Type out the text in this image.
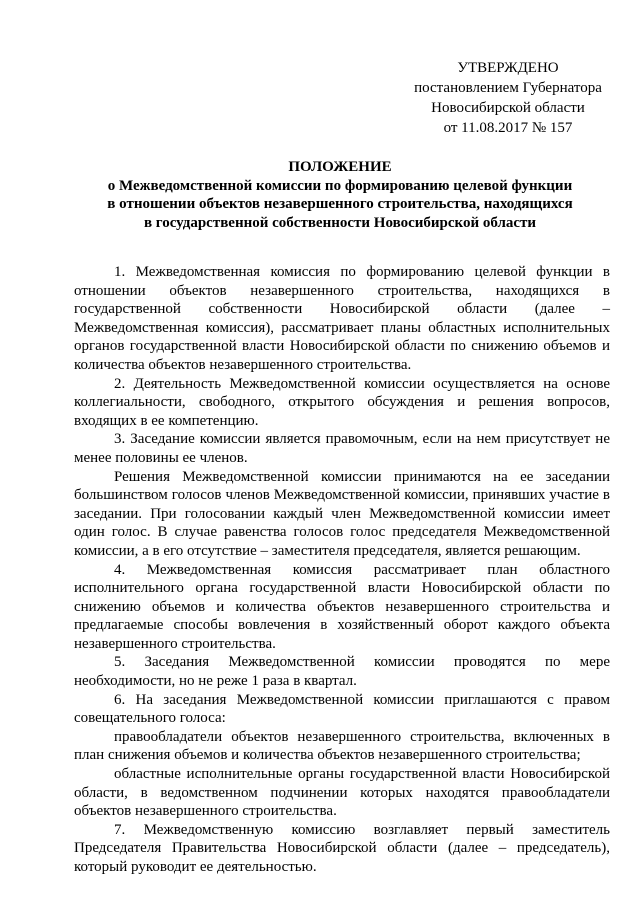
УТВЕРЖДЕНО
постановлением Губернатора
Новосибирской области
от 11.08.2017 № 157
ПОЛОЖЕНИЕ
о Межведомственной комиссии по формированию целевой функции
в отношении объектов незавершенного строительства, находящихся
в государственной собственности Новосибирской области

1. Межведомственная комиссия по формированию целевой функции в отношении объектов незавершенного строительства, находящихся в государственной собственности Новосибирской области (далее – Межведомственная комиссия), рассматривает планы областных исполнительных органов государственной власти Новосибирской области по снижению объемов и количества объектов незавершенного строительства.

2. Деятельность Межведомственной комиссии осуществляется на основе коллегиальности, свободного, открытого обсуждения и решения вопросов, входящих в ее компетенцию.

3. Заседание комиссии является правомочным, если на нем присутствует не менее половины ее членов.

Решения Межведомственной комиссии принимаются на ее заседании большинством голосов членов Межведомственной комиссии, принявших участие в заседании. При голосовании каждый член Межведомственной комиссии имеет один голос. В случае равенства голосов голос председателя Межведомственной комиссии, а в его отсутствие – заместителя председателя, является решающим.

4. Межведомственная комиссия рассматривает план областного исполнительного органа государственной власти Новосибирской области по снижению объемов и количества объектов незавершенного строительства и предлагаемые способы вовлечения в хозяйственный оборот каждого объекта незавершенного строительства.

5. Заседания Межведомственной комиссии проводятся по мере необходимости, но не реже 1 раза в квартал.

6. На заседания Межведомственной комиссии приглашаются с правом совещательного голоса:

правообладатели объектов незавершенного строительства, включенных в план снижения объемов и количества объектов незавершенного строительства;

областные исполнительные органы государственной власти Новосибирской области, в ведомственном подчинении которых находятся правообладатели объектов незавершенного строительства.

7. Межведомственную комиссию возглавляет первый заместитель Председателя Правительства Новосибирской области (далее – председатель), который руководит ее деятельностью.
